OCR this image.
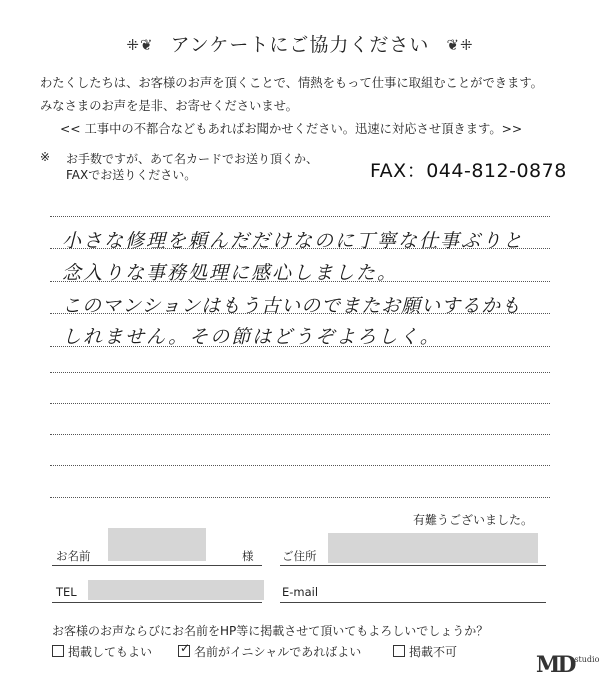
⁜❦ アンケートにご協力ください ❦⁜
わたくしたちは、お客様のお声を頂くことで、情熱をもって仕事に取組むことができます。
みなさまのお声を是非、お寄せくださいませ。
<< 工事中の不都合なども​あればお聞かせください。迅速に対応させ頂きます。>>
※ お手数ですが、あて名カードでお送り頂くか、
FAXでお送りください。	FAX：044-812-0878
小さな修理を頼んだだけなのに丁寧な仕事ぶりと
念入りな事務処理に感心しました。
このマンションはもう古いのでまたお願いするかも
しれません。その節はどうぞよろしく。
有難うございました。
お名前	様 ご住所
TEL	E-mail
お客様のお声ならびにお名前をHP等に掲載させて頂いてもよろしいでしょうか？
掲載してもよい ✓ 名前がイニシャルであればよい	掲載不可	$MD^{studio}$
